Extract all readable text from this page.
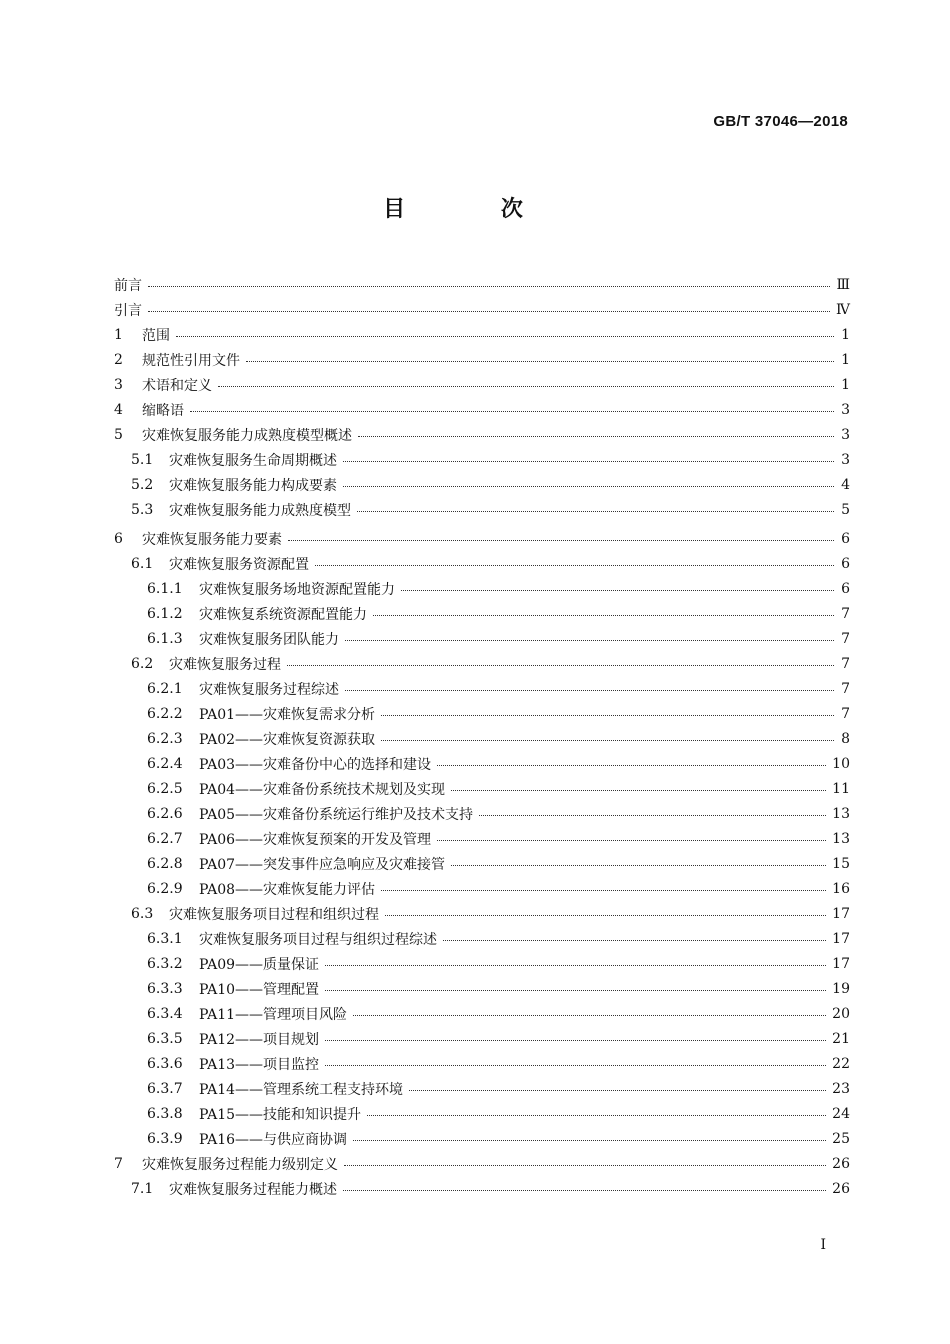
GB/T 37046—2018
目 次
前言	Ⅲ
引言	Ⅳ
1	范围	1
2	规范性引用文件	1
3	术语和定义	1
4	缩略语	3
5	灾难恢复服务能力成熟度模型概述	3
5.1	灾难恢复服务生命周期概述	3
5.2	灾难恢复服务能力构成要素	4
5.3	灾难恢复服务能力成熟度模型	5
6	灾难恢复服务能力要素	6
6.1	灾难恢复服务资源配置	6
6.1.1	灾难恢复服务场地资源配置能力	6
6.1.2	灾难恢复系统资源配置能力	7
6.1.3	灾难恢复服务团队能力	7
6.2	灾难恢复服务过程	7
6.2.1	灾难恢复服务过程综述	7
6.2.2	PA01——灾难恢复需求分析	7
6.2.3	PA02——灾难恢复资源获取	8
6.2.4	PA03——灾难备份中心的选择和建设	10
6.2.5	PA04——灾难备份系统技术规划及实现	11
6.2.6	PA05——灾难备份系统运行维护及技术支持	13
6.2.7	PA06——灾难恢复预案的开发及管理	13
6.2.8	PA07——突发事件应急响应及灾难接管	15
6.2.9	PA08——灾难恢复能力评估	16
6.3	灾难恢复服务项目过程和组织过程	17
6.3.1	灾难恢复服务项目过程与组织过程综述	17
6.3.2	PA09——质量保证	17
6.3.3	PA10——管理配置	19
6.3.4	PA11——管理项目风险	20
6.3.5	PA12——项目规划	21
6.3.6	PA13——项目监控	22
6.3.7	PA14——管理系统工程支持环境	23
6.3.8	PA15——技能和知识提升	24
6.3.9	PA16——与供应商协调	25
7	灾难恢复服务过程能力级别定义	26
7.1	灾难恢复服务过程能力概述	26
I
